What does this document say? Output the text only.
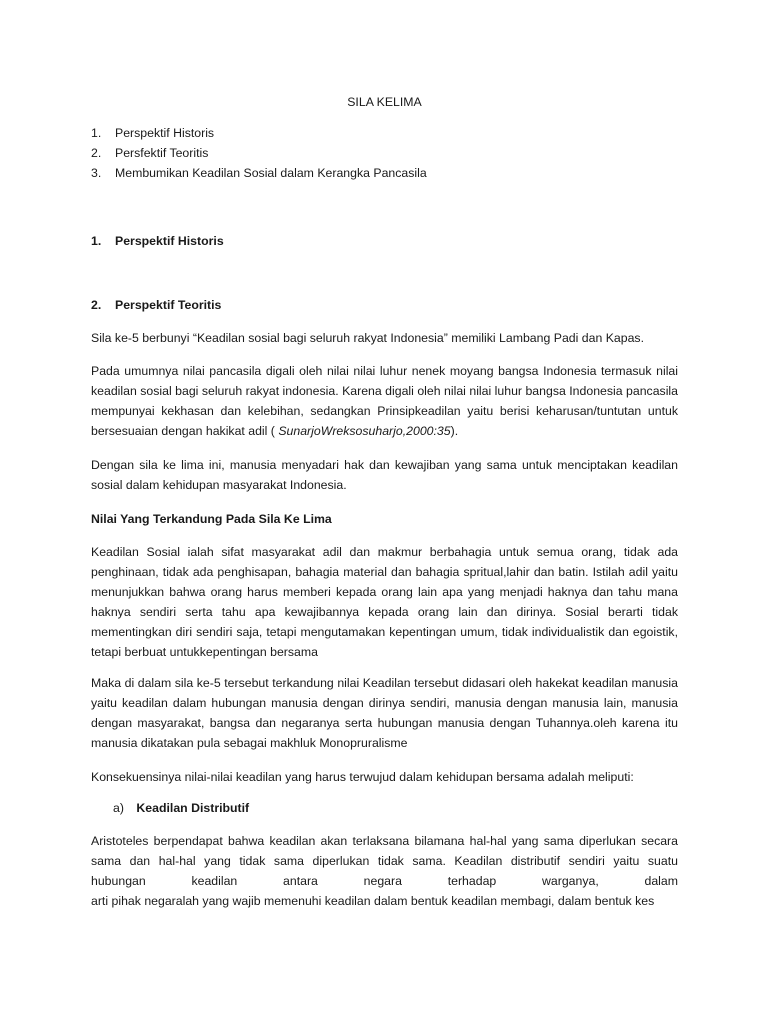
SILA KELIMA
1. Perspektif Historis
2. Persfektif Teoritis
3. Membumikan Keadilan Sosial dalam Kerangka Pancasila
1. Perspektif Historis
2. Perspektif Teoritis

Sila ke-5 berbunyi “Keadilan sosial bagi seluruh rakyat Indonesia” memiliki Lambang Padi dan Kapas.

Pada umumnya nilai pancasila digali oleh nilai nilai luhur nenek moyang bangsa Indonesia termasuk nilai keadilan sosial bagi seluruh rakyat indonesia. Karena digali oleh nilai nilai luhur bangsa Indonesia pancasila mempunyai kekhasan dan kelebihan, sedangkan Prinsipkeadilan yaitu berisi keharusan/tuntutan untuk bersesuaian dengan hakikat adil ( SunarjoWreksosuharjo,2000:35).

Dengan sila ke lima ini, manusia menyadari hak dan kewajiban yang sama untuk menciptakan keadilan sosial dalam kehidupan masyarakat Indonesia.

Nilai Yang Terkandung Pada Sila Ke Lima

Keadilan Sosial ialah sifat masyarakat adil dan makmur berbahagia untuk semua orang, tidak ada penghinaan, tidak ada penghisapan, bahagia material dan bahagia spritual,lahir dan batin. Istilah adil yaitu menunjukkan bahwa orang harus memberi kepada orang lain apa yang menjadi haknya dan tahu mana haknya sendiri serta tahu apa kewajibannya kepada orang lain dan dirinya. Sosial berarti tidak mementingkan diri sendiri saja, tetapi mengutamakan kepentingan umum, tidak individualistik dan egoistik, tetapi berbuat untukkepentingan bersama

Maka di dalam sila ke-5 tersebut terkandung nilai Keadilan tersebut didasari oleh hakekat keadilan manusia yaitu keadilan dalam hubungan manusia dengan dirinya sendiri, manusia dengan manusia lain, manusia dengan masyarakat, bangsa dan negaranya serta hubungan manusia dengan Tuhannya.oleh karena itu manusia dikatakan pula sebagai makhluk Monopruralisme

Konsekuensinya nilai-nilai keadilan yang harus terwujud dalam kehidupan bersama adalah meliputi:

a) Keadilan Distributif

Aristoteles berpendapat bahwa keadilan akan terlaksana bilamana hal-hal yang sama diperlukan secara
sama dan hal-hal yang tidak sama diperlukan tidak sama. Keadilan distributif sendiri yaitu suatu
hubungan keadilan antara negara terhadap warganya, dalam
arti pihak negaralah yang wajib memenuhi keadilan dalam bentuk keadilan membagi, dalam bentuk kes
